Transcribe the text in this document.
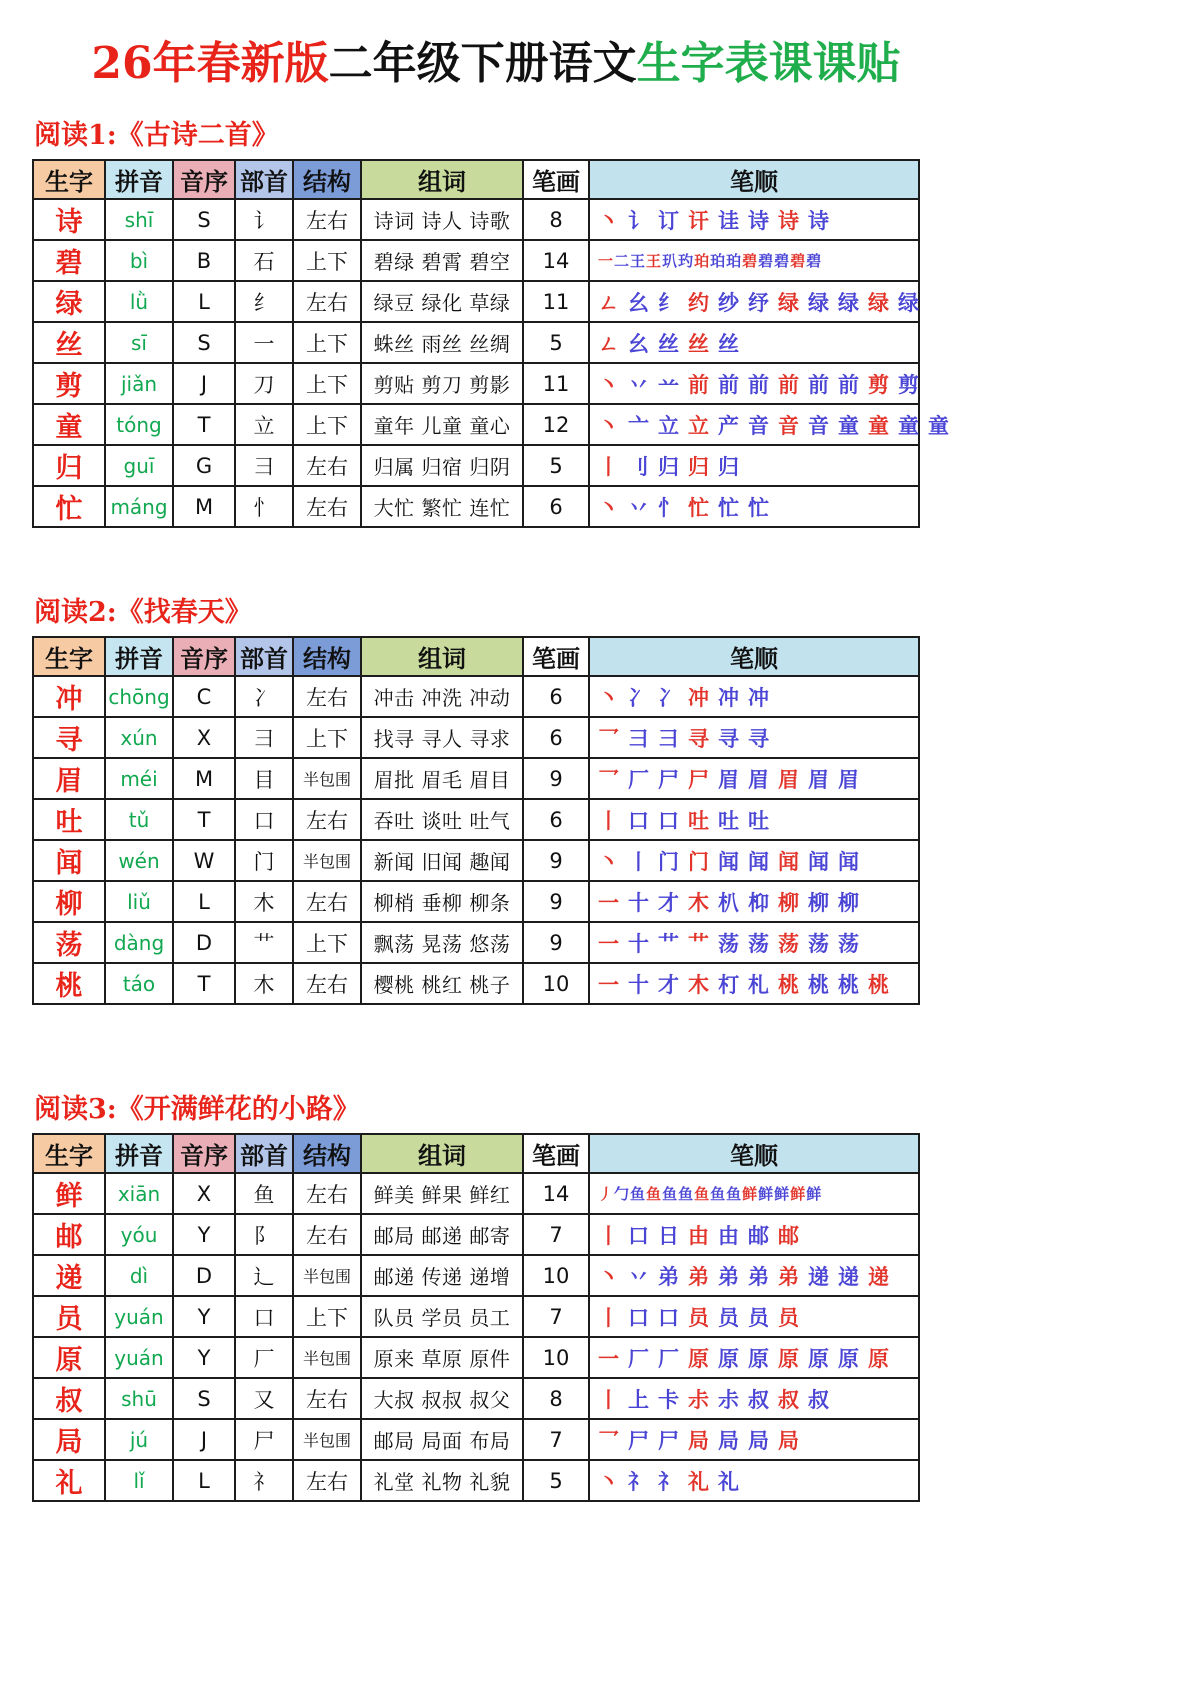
26年春新版二年级下册语文生字表课课贴
阅读1:《古诗二首》
生字	拼音	音序	部首	结构	组词	笔画	笔顺
诗	shī	S	讠	左右	诗词 诗人 诗歌	8	丶 讠 订 讦 诖 诗 诗 诗
碧	bì	B	石	上下	碧绿 碧霄 碧空	14	一二王王玐玓珀珀珀碧碧碧碧碧
绿	lǜ	L	纟	左右	绿豆 绿化 草绿	11	ㄥ 幺 纟 约 纱 纾 绿 绿 绿 绿 绿
丝	sī	S	一	上下	蛛丝 雨丝 丝绸	5	ㄥ 幺 丝 丝 丝
剪	jiǎn	J	刀	上下	剪贴 剪刀 剪影	11	丶 丷 䒑 前 前 前 前 前 前 剪 剪
童	tóng	T	立	上下	童年 儿童 童心	12	丶 亠 立 立 产 音 音 音 童 童 童 童
归	guī	G	彐	左右	归属 归宿 归阴	5	丨 刂 归 归 归
忙	máng	M	忄	左右	大忙 繁忙 连忙	6	丶 丷 忄 忙 忙 忙
阅读2:《找春天》
生字	拼音	音序	部首	结构	组词	笔画	笔顺
冲	chōng	C	冫	左右	冲击 冲洗 冲动	6	丶 冫 冫 冲 冲 冲
寻	xún	X	彐	上下	找寻 寻人 寻求	6	乛 彐 彐 寻 寻 寻
眉	méi	M	目	半包围	眉批 眉毛 眉目	9	乛 厂 尸 尸 眉 眉 眉 眉 眉
吐	tǔ	T	口	左右	吞吐 谈吐 吐气	6	丨 口 口 吐 吐 吐
闻	wén	W	门	半包围	新闻 旧闻 趣闻	9	丶 丨 门 门 闻 闻 闻 闻 闻
柳	liǔ	L	木	左右	柳梢 垂柳 柳条	9	一 十 才 木 朳 枊 柳 柳 柳
荡	dàng	D	艹	上下	飘荡 晃荡 悠荡	9	一 十 艹 艹 荡 荡 荡 荡 荡
桃	táo	T	木	左右	樱桃 桃红 桃子	10	一 十 才 木 朾 札 桃 桃 桃 桃
阅读3:《开满鲜花的小路》
生字	拼音	音序	部首	结构	组词	笔画	笔顺
鲜	xiān	X	鱼	左右	鲜美 鲜果 鲜红	14	丿勹鱼鱼鱼鱼鱼鱼鱼鲜鲜鲜鲜鲜
邮	yóu	Y	阝	左右	邮局 邮递 邮寄	7	丨 口 日 由 由 邮 邮
递	dì	D	辶	半包围	邮递 传递 递增	10	丶 丷 弟 弟 弟 弟 弟 递 递 递
员	yuán	Y	口	上下	队员 学员 员工	7	丨 口 口 员 员 员 员
原	yuán	Y	厂	半包围	原来 草原 原件	10	一 厂 厂 原 原 原 原 原 原 原
叔	shū	S	又	左右	大叔 叔叔 叔父	8	丨 上 卡 尗 尗 叔 叔 叔
局	jú	J	尸	半包围	邮局 局面 布局	7	乛 尸 尸 局 局 局 局
礼	lǐ	L	礻	左右	礼堂 礼物 礼貌	5	丶 礻 礻 礼 礼
